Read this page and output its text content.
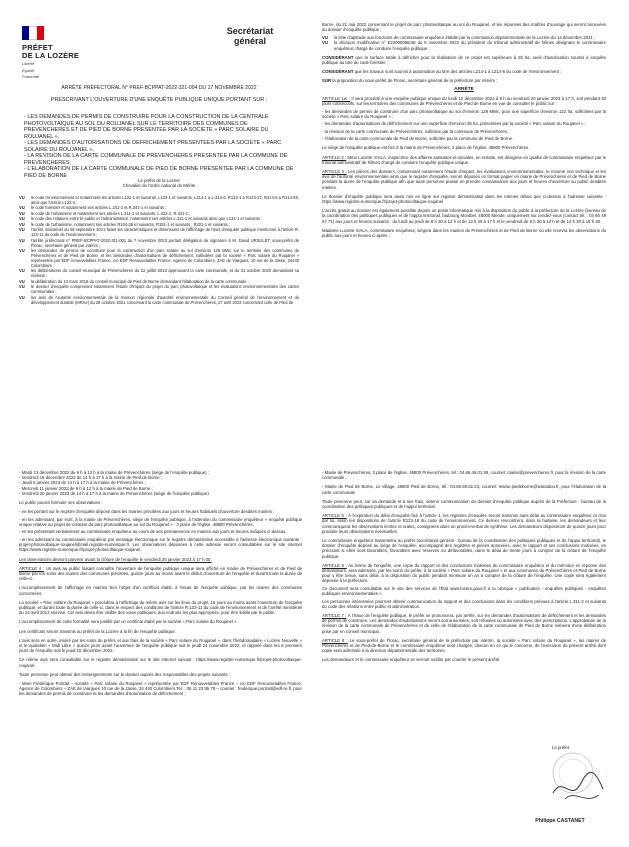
PRÉFET
DE LA LOZÈRE
Liberté
Égalité
Fraternité
Secrétariat
général
ARRÊTÉ PRÉFECTORAL N° PREF-BCPPAT-2022-321-004 DU 17 NOVEMBRE 2022
PRESCRIVANT L'OUVERTURE D'UNE ENQUÊTE PUBLIQUE UNIQUE PORTANT SUR :
- LES DEMANDES DE PERMIS DE CONSTRUIRE POUR LA CONSTRUCTION DE LA CENTRALE PHOTOVOLTAÏQUE AU SOL DU ROUJANEL SUR LE TERRITOIRE DES COMMUNES DE PREVENCHERES ET DE PIED DE BORNE PRESENTEE PAR LA SOCIETE « PARC SOLAIRE DU ROUJANEL »,
- LES DEMANDES D'AUTORISATIONS DE DEFRICHEMENT PRESENTEES PAR LA SOCIETE « PARC SOLAIRE DU ROUJANEL »,
- LA REVISION DE LA CARTE COMMUNALE DE PREVENCHERES PRESENTEE PAR LA COMMUNE DE PREVENCHERES,
- L'ELABORATION DE LA CARTE COMMUNALE DE PIED DE BORNE PRESENTEE PAR LA COMMUNE DE PIED DE BORNE
Le préfet de la Lozère
Chevalier de l'ordre national du Mérite
VU	le code l'environnement et notamment les articles L122-1 et suivants, L123-1 et suivants, L214-1 à L-214-6, R123-1 à R123-27, R214-6 à R214-56, ainsi que l'article L122-4 ;
VU	le code forestier et notamment ses articles L.341-3 et R.341-1 et suivants ;
VU	le code de l'urbanisme et notamment ses articles L.311-1 et suivants, L.422-2, R.421-1 ;
VU	le code des relations entre le public et l'administration, notamment ses articles L.311-1 et suivants ainsi que L134-1 et suivants ;
VU	le code de l'urbanisme, notamment ses articles R104-28 et suivants, R151-1 et suivants ; R421-1 et suivants ;
VU	l'arrêté ministériel du 09 septembre 2021 fixant les caractéristiques et dimensions de l'affichage de l'avis d'enquête publique mentionné à l'article R. 123-11 du code de l'environnement ;
VU	l'arrêté préfectoral n° PREF-BCPPAT-2022-311-001 du 7 novembre 2022 portant délégation de signature à M. David URSULET, sous-préfet de Florac, secrétaire général par intérim ;
VU	les demandes de permis de construire pour la construction d'un parc solaire au sol d'environ 129 MWc sur le territoire des communes de Prévenchères et de Pied de Borne, et les demandes d'autorisations de défrichement, sollicitées par la société « Parc solaire du Roujanel » représentée par EDF renouvelables France, c/o EDF Renouvelables France, Agence de Colombiers, ZAE de Viargues, 10 rue de la Jasse, 34440 Colombiers ;
VU	les délibérations du conseil municipal de Prévenchères du 22 juillet 2010 approuvant la carte communale, et du 31 octobre 2020 demandant sa révision ;
VU	la délibération du 13 mars 2018 du conseil municipal de Pied de Borne demandant l'élaboration de la carte communale ;
VU	le dossier d'enquête comprenant notamment l'étude d'impact du projet du parc photovoltaïque et les évaluations environnementales des cartes communales ;
VU	les avis de l'autorité environnementale de la mission régionale d'autorité environnementale du Conseil général de l'environnement et du développement durable (MRAe) du 28 octobre 2021 concernant la carte communale de Prévenchères, 27 avril 2022 concernant celle de Pied de

Borne, du 21 mai 2022 concernant le projet de parc photovoltaïque au sol du Roujanel, et les réponses des maîtres d'ouvrage qui seront annexées au dossier d'enquête publique ;

VU	la liste d'aptitude aux fonctions de commissaire enquêteur établie par la commission départementale de la Lozère du 14 décembre 2021 ;
VU	la décision modificative n° E22000066/48 du 9 novembre 2022 du président du tribunal administratif de Nîmes désignant le commissaire enquêteur chargé de conduire l'enquête publique ;

CONSIDÉRANT que la surface totale à défricher pour la réalisation de ce projet est supérieure à 25 ha, seuil d'autorisation soumis à enquête publique au titre du code forestier ;

CONSIDÉRANT que les travaux sont soumis à autorisation au titre des articles L214-1 à L214-6 du code de l'environnement ;

SUR la proposition du sous-préfet de Florac, secrétaire général de la préfecture par intérim ;

ARRÊTE

ARTICLE 1er : Il sera procédé à une enquête publique unique du lundi 12 décembre 2022 à 9 h au vendredi 20 janvier 2023 à 17 h, soit pendant 40 jours consécutifs, sur les territoires des communes de Prévenchères et de Pied de Borne en vue de consulter le public sur :

- les demandes de permis de construire d'un parc photovoltaïque au sol d'environ 129 MWc, pour une superficie d'environ 122 ha, sollicitées par la société « Parc solaire du Roujanel » ;

- les demandes d'autorisations de défrichement sur une superficie d'environ 35 ha, présentées par la société « Parc solaire du Roujanel » ;

- la révision de la carte communale de Prévenchères, sollicitée par la commune de Prévenchères,

- l'élaboration de la carte communale de Pied de Borne, sollicitée par la commune de Pied de Borne.

Le siège de l'enquête publique est fixé à la mairie de Prévenchères, 3 place de l'église, 48800 Prévenchères.

ARTICLE 2 : Mme Lucette VIALA, inspectrice des affaires sanitaires et sociales, en retraite, est désignée en qualité de commissaire enquêteur par le tribunal administratif de Nîmes chargé de conduire l'enquête publique unique.

ARTICLE 3 : Les pièces des dossiers, comprenant notamment l'étude d'impact, les évaluations environnementales, le résumé non technique et les avis de l'autorité environnementale ainsi que le registre d'enquête, seront déposés en format papier en mairie de Prévenchères et de Pied de Borne pendant la durée de l'enquête publique afin que toute personne puisse en prendre connaissance aux jours et heures d'ouverture au public desdites mairies.

Le dossier d'enquête publique sera aussi mis en ligne sur registre dématérialisé dans les mêmes délais que ci-dessus à l'adresse suivante : https://www.registre-numerique.fr/projet-photovoltaique-roujanel

L'accès gratuit au dossier est également possible depuis un poste informatique mis à la disposition du public à la préfecture de la Lozère (bureau de la coordination des politiques publiques et de l'appui territorial, faubourg Montbel, 48000 Mende, uniquement sur rendez-vous (contact tél. : 04 66 49 67 71) aux jours et heures suivants : du lundi au jeudi de 8 h 30 à 12 h et de 13 h 30 à 17 h et le vendredi de 8 h 30 à 12 h et de 13 h 30 à 16 h 30.

Madame Lucette VIALA, commissaire enquêteur, siégera dans les mairies de Prévenchères et de Pied de Borne où elle recevra les observations du public aux jours et heures ci-après :

- Mardi 13 décembre 2022 de 9 h à 12 h à la mairie de Prévenchères (siège de l'enquête publique) ;
- Vendredi 16 décembre 2022 de 14 h à 17 h à la mairie de Pied de Borne ;
- Jeudi 5 janvier 2023 de 14 h à 17 h à la mairie de Prévenchères ;
- Mercredi 11 janvier 2023 de 9 h à 12 h à la mairie de Pied de Borne ;

- Vendredi 20 janvier 2023 de 14 h à 17 h à la mairie de Prévenchères (siège de l'enquête publique).

Le public pourra formuler ses observations :

- en les portant sur le registre d'enquête déposé dans les mairies précitées aux jours et heures habituels d'ouverture desdites mairies :

- en les adressant, par écrit, à la mairie de Prévenchères, siège de l'enquête publique, à l'attention du commissaire enquêteur « enquête publique unique relative au projet de création du parc photovoltaïque au sol du Roujanel » - 3 place de l'église, 48800 Prévenchères,

- en les présentant verbalement au commissaire enquêteur au cours de ses permanences en mairies aux jours et heures indiqués ci-dessus,

- en les adressant au commissaire enquêteur par message électronique sur le registre dématérialisé accessible à l'adresse électronique suivante : projet-photovoltaique-roujanel@mail.registre-numerique.fr. Les observations déposées à cette adresse seront consultables sur le site internet https://www.registre-numerique.fr/projet-photovoltaique-roujanel .

Les observations devront parvenir avant la clôture de l'enquête le vendredi 20 janvier 2023 à 17 h 00.

ARTICLE 4 : Un avis au public faisant connaître l'ouverture de l'enquête publique unique sera affiché en mairie de Prévenchères et de Pied de Borne par les soins des maires des communes précitées, quinze jours au moins avant le début d'ouverture de l'enquête et durant toute la durée de celle-ci.

L'accomplissement de l'affichage en mairies fera l'objet d'un certificat établi, à l'issue de l'enquête publique, par les maires des communes concernées.

La société « Parc solaire du Roujanel » procédera à l'affichage du même avis sur les lieux du projet, 15 jours au moins avant l'ouverture de l'enquête publique, et durant toute la durée de celle-ci, dans le respect des conditions de l'article R.123-11 du code de l'environnement et de l'arrêté ministériel du 24 avril 2012 susvisé. Cet avis devra être visible des voies publiques, aux endroits les plus appropriés, pour être lisible par le public.

L'accomplissement de cette formalité sera justifié par un certificat établi par la société « Parc solaire du Roujanel ».

Les certificats seront transmis au préfet de la Lozère à la fin de l'enquête publique.

L'avis sera en outre, inséré par les soins du préfet, et aux frais de la société « Parc solaire du Roujanel », dans l'hebdomadaire « Lozère Nouvelle » et le quotidien « Midi Libre » quinze jours avant l'ouverture de l'enquête publique soit le jeudi 24 novembre 2022, et rappelé dans les 8 premiers jours de l'enquête soit le jeudi 15 décembre 2022.

Ce même avis sera consultable sur le registre dématérialisé sur le site internet suivant : https://www.registre-numerique.fr/projet-photovoltaique-roujanel.

Toute personne peut obtenir des renseignements sur le dossier auprès des responsables des projets suivants :

- Mme Frédérique Portrait – société « Parc solaire du Roujanel » représentée par EDF Renouvelables France – c/o EDF Renouvelables France, Agence de Colombiers – ZAE de Viargues 10 rue de la Jasse, 34 440 Colombiers Tel. : 06 11 23 95 79 – courriel : frederique.portrait@edf-re.fr, pour les demandes de permis de construire et les demandes d'autorisation de défrichement ;

- Mairie de Prévenchères, 3 place de l'église, 48800 Prévenchères, tél.: 04.66.46.01.58, courriel: mairie@prevencheres.fr, pour la révision de la carte communale ;

- Mairie de Pied de Borne, Le village, 48800 Pied de Borne, tél.: 04.66.69.82.23, courriel: mairie.piedeborne@wanadoo.fr, pour l'élaboration de la carte communale.

Toute personne peut, sur sa demande et à ses frais, obtenir communication du dossier d'enquête publique auprès de la Préfecture - bureau de la coordination des politiques publiques et de l'appui territorial.

ARTICLE 5 : À l'expiration du délai d'enquête fixé à l'article 1, les registres d'enquête seront transmis sans délai au commissaire enquêteur et clos par lui, selon les dispositions de l'article R123-18 du code de l'environnement. Ce dernier rencontrera, dans la huitaine, les demandeurs et leur communiquera les observations écrites et orales, consignées dans un procès-verbal de synthèse. Les demandeurs disposeront de quinze jours pour produire leurs observations éventuelles.

Le commissaire enquêteur transmettra au préfet (secrétariat général - bureau de la coordination des politiques publiques et de l'appui territorial), le dossier d'enquête déposé au siège de l'enquête, accompagné des registres et pièces annexées, avec le rapport et ses conclusions motivées, en précisant si elles sont favorables, favorables avec réserves ou défavorables, dans le délai de trente jours à compter de la clôture de l'enquête publique.

ARTICLE 6 : Au terme de l'enquête, une copie du rapport et des conclusions motivées du commissaire enquêteur et du mémoire en réponse des demandeurs, sera adressée, par les soins du préfet, à la société « Parc solaire du Roujanel » et aux communes de Prévenchères et Pied de Borne pour y être tenue, sans délai, à la disposition du public pendant minimum un an à compter de la clôture de l'enquête. Une copie sera également déposée à la préfecture.

Ce document sera consultable sur le site des services de l'État www.lozere.gouv.fr à la rubrique « publication - enquêtes publiques - enquêtes publiques environnementales ».

Les personnes intéressées pourront obtenir communication du rapport et des conclusions dans les conditions prévues à l'article L.311-2 et suivants du code des relations entre public et administration.

ARTICLE 7 : À l'issue de l'enquête publique, le préfet se prononcera, par arrêté, sur les demandes d'autorisations de défrichement et les demandes de permis de construire. Les demandes d'autorisations seront soit autorisées, soit refusées ou autorisées avec des prescriptions. L'approbation de la révision de la carte communale de Prévenchères et de celle de l'élaboration de la carte communale de Pied de Borne relèvera d'une délibération prise par en conseil municipal.

ARTICLE 8 : Le sous-préfet de Florac, secrétaire général de la préfecture par intérim, la société « Parc solaire du Roujanel », les maires de Prévenchères et de Pied-de-Borne et le commissaire enquêteur sont chargés, chacun en ce qui le concerne, de l'exécution du présent arrêté dont copie sera adressée à la direction départementale des territoires.

Les demandeurs et le commissaire enquêteur se verront notifier par courrier le présent arrêté.

Le préfet
Philippe CASTANET
